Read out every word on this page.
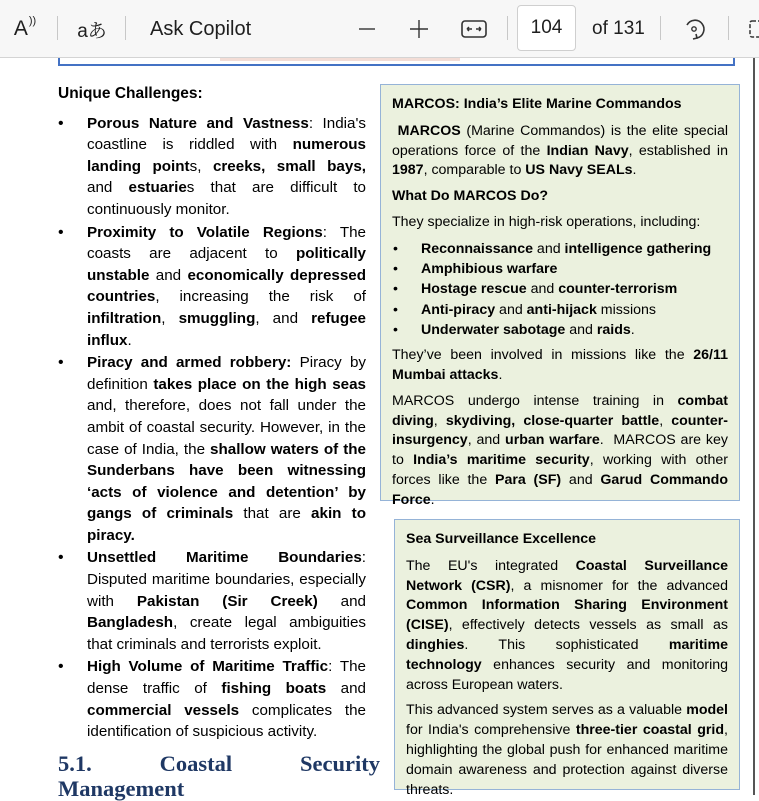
A)) aあ Ask Copilot	104	of 131
Unique Challenges:
• Porous Nature and Vastness: India's coastline is riddled with numerous landing points, creeks, small bays, and estuaries that are difficult to continuously monitor.
• Proximity to Volatile Regions: The coasts are adjacent to politically unstable and economically depressed countries, increasing the risk of infiltration, smuggling, and refugee influx.
• Piracy and armed robbery: Piracy by definition takes place on the high seas and, therefore, does not fall under the ambit of coastal security. However, in the case of India, the shallow waters of the Sunderbans have been witnessing ‘acts of violence and detention’ by gangs of criminals that are akin to piracy.
• Unsettled Maritime Boundaries: Disputed maritime boundaries, especially with Pakistan (Sir Creek) and Bangladesh, create legal ambiguities that criminals and terrorists exploit.
• High Volume of Maritime Traffic: The dense traffic of fishing boats and commercial vessels complicates the identification of suspicious activity.
5.1. Coastal Security
Management

MARCOS: India’s Elite Marine Commandos

MARCOS (Marine Commandos) is the elite special operations force of the Indian Navy, established in 1987, comparable to US Navy SEALs.

What Do MARCOS Do?

They specialize in high-risk operations, including:

• Reconnaissance and intelligence gathering
• Amphibious warfare
• Hostage rescue and counter-terrorism
• Anti-piracy and anti-hijack missions
• Underwater sabotage and raids.

They’ve been involved in missions like the 26/11 Mumbai attacks.

MARCOS undergo intense training in combat diving, skydiving, close-quarter battle, counter-insurgency, and urban warfare.  MARCOS are key to India’s maritime security, working with other forces like the Para (SF) and Garud Commando Force.

Sea Surveillance Excellence

The EU's integrated Coastal Surveillance Network (CSR), a misnomer for the advanced Common Information Sharing Environment (CISE), effectively detects vessels as small as dinghies. This sophisticated maritime technology enhances security and monitoring across European waters.

This advanced system serves as a valuable model for India's comprehensive three-tier coastal grid, highlighting the global push for enhanced maritime domain awareness and protection against diverse threats.
